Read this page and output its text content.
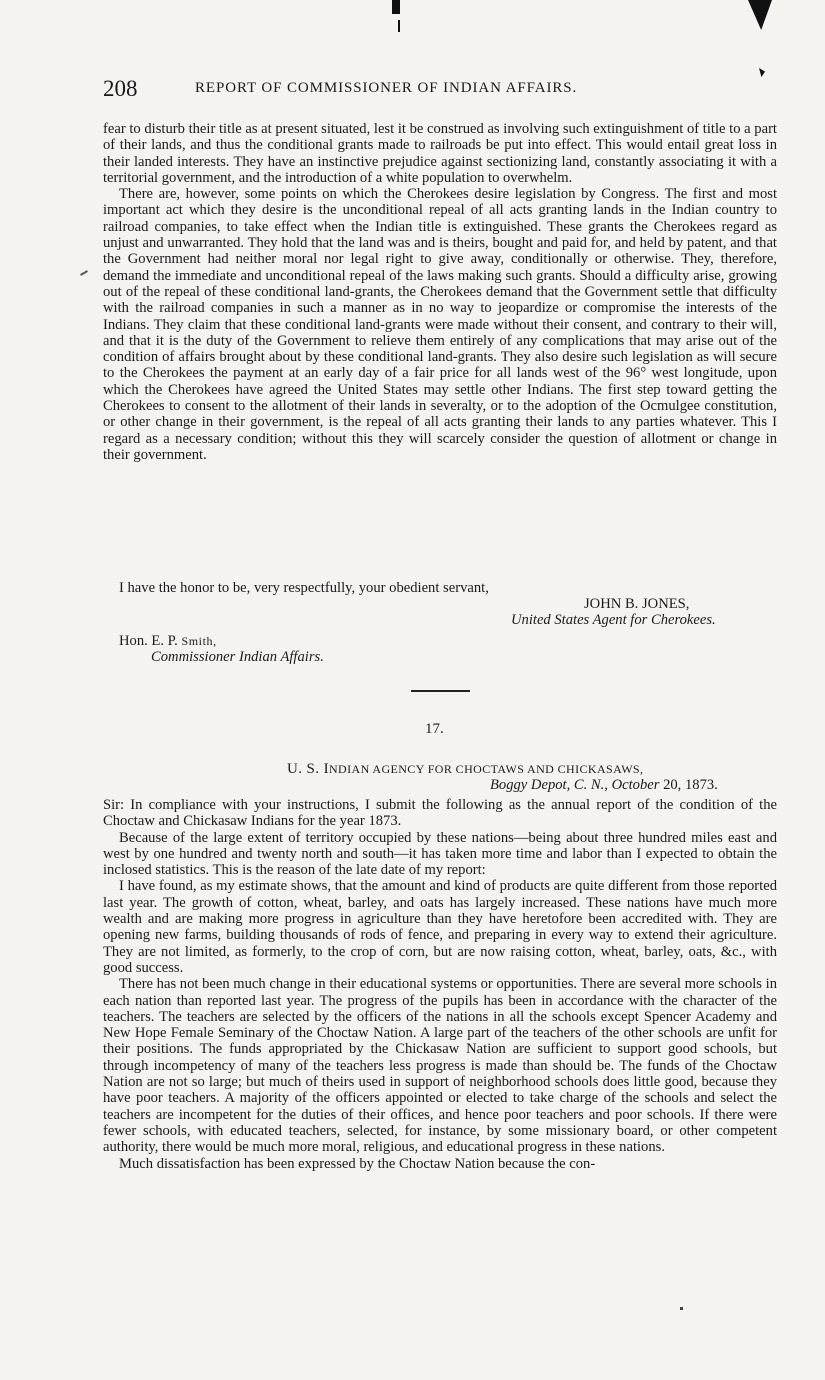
208	REPORT OF COMMISSIONER OF INDIAN AFFAIRS.

fear to disturb their title as at present situated, lest it be construed as involving such extinguishment of title to a part of their lands, and thus the conditional grants made to railroads be put into effect. This would entail great loss in their landed interests. They have an instinctive prejudice against sectionizing land, constantly associating it with a territorial government, and the introduction of a white population to overwhelm.

There are, however, some points on which the Cherokees desire legislation by Congress. The first and most important act which they desire is the unconditional repeal of all acts granting lands in the Indian country to railroad companies, to take effect when the Indian title is extinguished. These grants the Cherokees regard as unjust and unwarranted. They hold that the land was and is theirs, bought and paid for, and held by patent, and that the Government had neither moral nor legal right to give away, conditionally or otherwise. They, therefore, demand the immediate and unconditional repeal of the laws making such grants. Should a difficulty arise, growing out of the repeal of these conditional land-grants, the Cherokees demand that the Government settle that difficulty with the railroad companies in such a manner as in no way to jeopardize or compromise the interests of the Indians. They claim that these conditional land-grants were made without their consent, and contrary to their will, and that it is the duty of the Government to relieve them entirely of any complications that may arise out of the condition of affairs brought about by these conditional land-grants. They also desire such legislation as will secure to the Cherokees the payment at an early day of a fair price for all lands west of the 96° west longitude, upon which the Cherokees have agreed the United States may settle other Indians. The first step toward getting the Cherokees to consent to the allotment of their lands in severalty, or to the adoption of the Ocmulgee constitution, or other change in their government, is the repeal of all acts granting their lands to any parties whatever. This I regard as a necessary condition; without this they will scarcely consider the question of allotment or change in their government.

I have the honor to be, very respectfully, your obedient servant,
JOHN B. JONES,
United States Agent for Cherokees.
Hon. E. P. Smith,
Commissioner Indian Affairs.
17.
U. S. INDIAN AGENCY FOR CHOCTAWS AND CHICKASAWS,
Boggy Depot, C. N., October 20, 1873.

Sir: In compliance with your instructions, I submit the following as the annual report of the condition of the Choctaw and Chickasaw Indians for the year 1873.

Because of the large extent of territory occupied by these nations—being about three hundred miles east and west by one hundred and twenty north and south—it has taken more time and labor than I expected to obtain the inclosed statistics. This is the reason of the late date of my report:

I have found, as my estimate shows, that the amount and kind of products are quite different from those reported last year. The growth of cotton, wheat, barley, and oats has largely increased. These nations have much more wealth and are making more progress in agriculture than they have heretofore been accredited with. They are opening new farms, building thousands of rods of fence, and preparing in every way to extend their agriculture. They are not limited, as formerly, to the crop of corn, but are now raising cotton, wheat, barley, oats, &c., with good success.

There has not been much change in their educational systems or opportunities. There are several more schools in each nation than reported last year. The progress of the pupils has been in accordance with the character of the teachers. The teachers are selected by the officers of the nations in all the schools except Spencer Academy and New Hope Female Seminary of the Choctaw Nation. A large part of the teachers of the other schools are unfit for their positions. The funds appropriated by the Chickasaw Nation are sufficient to support good schools, but through incompetency of many of the teachers less progress is made than should be. The funds of the Choctaw Nation are not so large; but much of theirs used in support of neighborhood schools does little good, because they have poor teachers. A majority of the officers appointed or elected to take charge of the schools and select the teachers are incompetent for the duties of their offices, and hence poor teachers and poor schools. If there were fewer schools, with educated teachers, selected, for instance, by some missionary board, or other competent authority, there would be much more moral, religious, and educational progress in these nations.

Much dissatisfaction has been expressed by the Choctaw Nation because the con-
